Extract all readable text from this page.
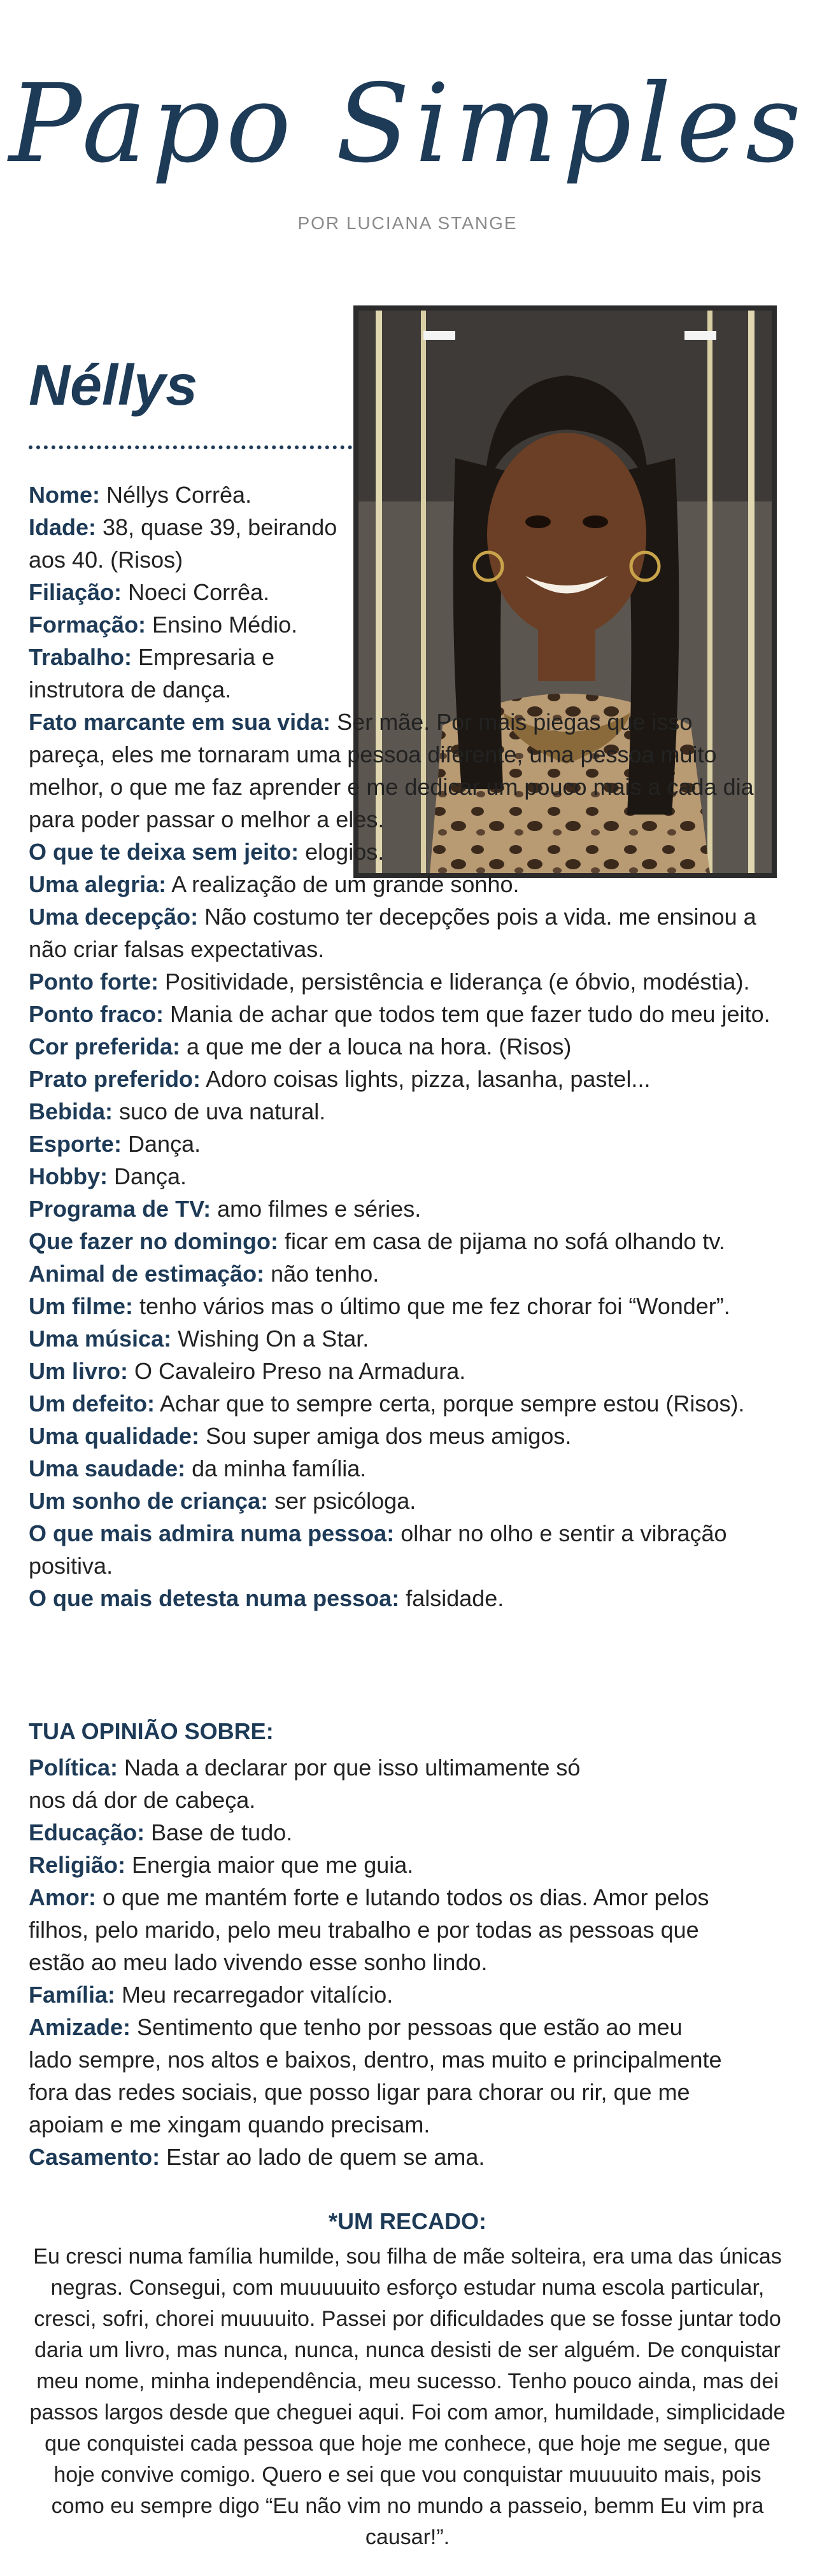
Papo Simples
POR LUCIANA STANGE
Néllys
Nome: Néllys Corrêa.
Idade: 38, quase 39, beirando aos 40. (Risos)
Filiação: Noeci Corrêa.
Formação: Ensino Médio.
Trabalho: Empresaria e instrutora de dança.
Fato marcante em sua vida: Ser mãe. Por mais piegas que isso pareça, eles me tornaram uma pessoa diferente, uma pessoa muito melhor, o que me faz aprender e me dedicar um pouco mais a cada dia para poder passar o melhor a eles.
O que te deixa sem jeito: elogios.
Uma alegria: A realização de um grande sonho.
Uma decepção: Não costumo ter decepções pois a vida. me ensinou a não criar falsas expectativas.
Ponto forte: Positividade, persistência e liderança (e óbvio, modéstia).
Ponto fraco: Mania de achar que todos tem que fazer tudo do meu jeito.
Cor preferida: a que me der a louca na hora. (Risos)
Prato preferido: Adoro coisas lights, pizza, lasanha, pastel...
Bebida: suco de uva natural.
Esporte: Dança.
Hobby: Dança.
Programa de TV: amo filmes e séries.
Que fazer no domingo: ficar em casa de pijama no sofá olhando tv.
Animal de estimação: não tenho.
Um filme: tenho vários mas o último que me fez chorar foi “Wonder”.
Uma música: Wishing On a Star.
Um livro: O Cavaleiro Preso na Armadura.
Um defeito: Achar que to sempre certa, porque sempre estou (Risos).
Uma qualidade: Sou super amiga dos meus amigos.
Uma saudade: da minha família.
Um sonho de criança: ser psicóloga.
O que mais admira numa pessoa: olhar no olho e sentir a vibração positiva.
O que mais detesta numa pessoa: falsidade.
TUA OPINIÃO SOBRE:
Política: Nada a declarar por que isso ultimamente só nos dá dor de cabeça.
Educação: Base de tudo.
Religião: Energia maior que me guia.
Amor: o que me mantém forte e lutando todos os dias. Amor pelos filhos, pelo marido, pelo meu trabalho e por todas as pessoas que estão ao meu lado vivendo esse sonho lindo.
Família: Meu recarregador vitalício.
Amizade: Sentimento que tenho por pessoas que estão ao meu lado sempre, nos altos e baixos, dentro, mas muito e principalmente fora das redes sociais, que posso ligar para chorar ou rir, que me apoiam e me xingam quando precisam.
Casamento: Estar ao lado de quem se ama.
*UM RECADO:
Eu cresci numa família humilde, sou filha de mãe solteira, era uma das únicas negras. Consegui, com muuuuuito esforço estudar numa escola particular, cresci, sofri, chorei muuuuito. Passei por dificuldades que se fosse juntar todo daria um livro, mas nunca, nunca, nunca desisti de ser alguém. De conquistar meu nome, minha independência, meu sucesso. Tenho pouco ainda, mas dei passos largos desde que cheguei aqui. Foi com amor, humildade, simplicidade que conquistei cada pessoa que hoje me conhece, que hoje me segue, que hoje convive comigo. Quero e sei que vou conquistar muuuuito mais, pois como eu sempre digo “Eu não vim no mundo a passeio, bemm Eu vim pra causar!”.
